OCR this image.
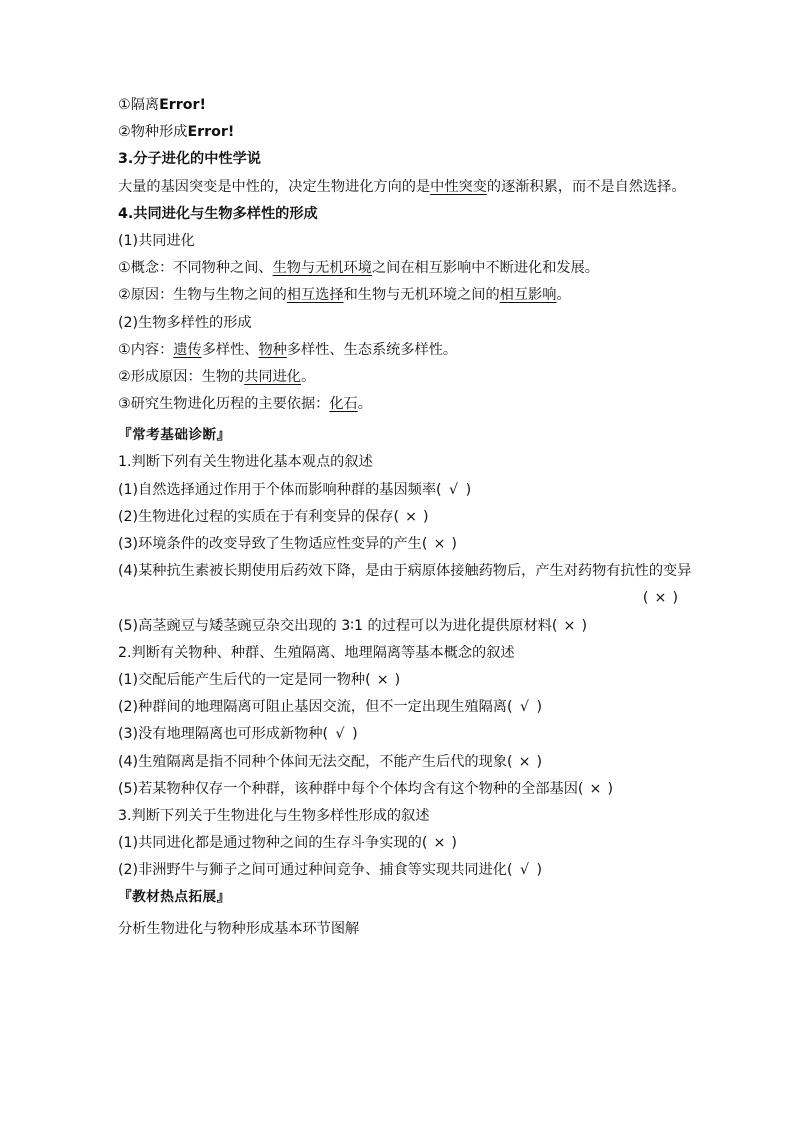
①隔离Error!
②物种形成Error!
3.分子进化的中性学说
大量的基因突变是中性的，决定生物进化方向的是中性突变的逐渐积累，而不是自然选择。
4.共同进化与生物多样性的形成
(1)共同进化
①概念：不同物种之间、生物与无机环境之间在相互影响中不断进化和发展。
②原因：生物与生物之间的相互选择和生物与无机环境之间的相互影响。
(2)生物多样性的形成
①内容：遗传多样性、物种多样性、生态系统多样性。
②形成原因：生物的共同进化。
③研究生物进化历程的主要依据：化石。
『常考基础诊断』
1.判断下列有关生物进化基本观点的叙述
(1)自然选择通过作用于个体而影响种群的基因频率( √ )
(2)生物进化过程的实质在于有利变异的保存( × )
(3)环境条件的改变导致了生物适应性变异的产生( × )
(4)某种抗生素被长期使用后药效下降，是由于病原体接触药物后，产生对药物有抗性的变异
( × )
(5)高茎豌豆与矮茎豌豆杂交出现的 3∶1 的过程可以为进化提供原材料( × )
2.判断有关物种、种群、生殖隔离、地理隔离等基本概念的叙述
(1)交配后能产生后代的一定是同一物种( × )
(2)种群间的地理隔离可阻止基因交流，但不一定出现生殖隔离( √ )
(3)没有地理隔离也可形成新物种( √ )
(4)生殖隔离是指不同种个体间无法交配，不能产生后代的现象( × )
(5)若某物种仅存一个种群，该种群中每个个体均含有这个物种的全部基因( × )
3.判断下列关于生物进化与生物多样性形成的叙述
(1)共同进化都是通过物种之间的生存斗争实现的( × )
(2)非洲野牛与狮子之间可通过种间竞争、捕食等实现共同进化( √ )
『教材热点拓展』
分析生物进化与物种形成基本环节图解
